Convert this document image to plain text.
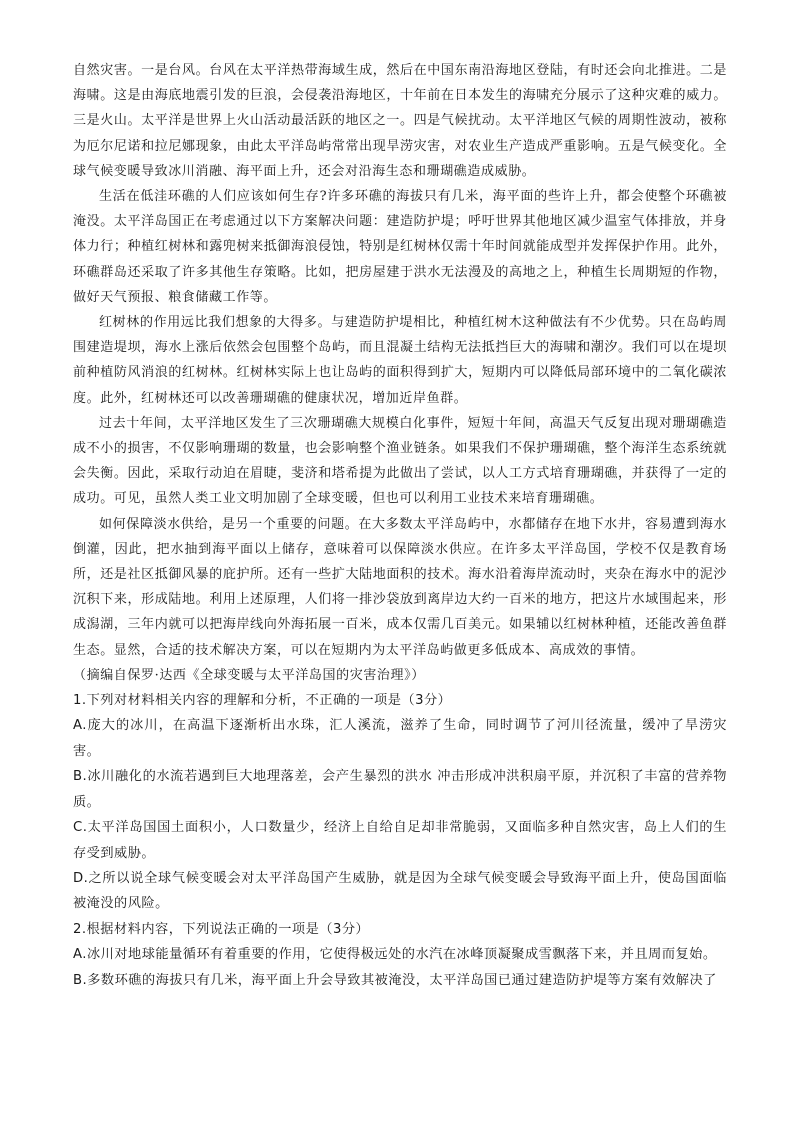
自然灾害。一是台风。台风在太平洋热带海域生成，然后在中国东南沿海地区登陆，有时还会向北推进。二是海啸。这是由海底地震引发的巨浪，会侵袭沿海地区，十年前在日本发生的海啸充分展示了这种灾难的威力。三是火山。太平洋是世界上火山活动最活跃的地区之一。四是气候扰动。太平洋地区气候的周期性波动，被称为厄尔尼诺和拉尼娜现象，由此太平洋岛屿常常出现旱涝灾害，对农业生产造成严重影响。五是气候变化。全球气候变暖导致冰川消融、海平面上升，还会对沿海生态和珊瑚礁造成威胁。

生活在低洼环礁的人们应该如何生存?许多环礁的海拔只有几米，海平面的些许上升，都会使整个环礁被淹没。太平洋岛国正在考虑通过以下方案解决问题：建造防护堤；呼吁世界其他地区减少温室气体排放，并身体力行；种植红树林和露兜树来抵御海浪侵蚀，特别是红树林仅需十年时间就能成型并发挥保护作用。此外，环礁群岛还采取了许多其他生存策略。比如，把房屋建于洪水无法漫及的高地之上，种植生长周期短的作物，做好天气预报、粮食储藏工作等。

红树林的作用远比我们想象的大得多。与建造防护堤相比，种植红树木这种做法有不少优势。只在岛屿周围建造堤坝，海水上涨后依然会包围整个岛屿，而且混凝土结构无法抵挡巨大的海啸和潮汐。我们可以在堤坝前种植防风消浪的红树林。红树林实际上也让岛屿的面积得到扩大，短期内可以降低局部环境中的二氧化碳浓度。此外，红树林还可以改善珊瑚礁的健康状况，增加近岸鱼群。

过去十年间，太平洋地区发生了三次珊瑚礁大规模白化事件，短短十年间，高温天气反复出现对珊瑚礁造成不小的损害，不仅影响珊瑚的数量，也会影响整个渔业链条。如果我们不保护珊瑚礁，整个海洋生态系统就会失衡。因此，采取行动迫在眉睫，斐济和塔希提为此做出了尝试，以人工方式培育珊瑚礁，并获得了一定的成功。可见，虽然人类工业文明加剧了全球变暖，但也可以利用工业技术来培育珊瑚礁。

如何保障淡水供给，是另一个重要的问题。在大多数太平洋岛屿中，水都储存在地下水井，容易遭到海水倒灌，因此，把水抽到海平面以上储存，意味着可以保障淡水供应。在许多太平洋岛国，学校不仅是教育场所，还是社区抵御风暴的庇护所。还有一些扩大陆地面积的技术。海水沿着海岸流动时，夹杂在海水中的泥沙沉积下来，形成陆地。利用上述原理，人们将一排沙袋放到离岸边大约一百米的地方，把这片水域围起来，形成潟湖，三年内就可以把海岸线向外海拓展一百米，成本仅需几百美元。如果辅以红树林种植，还能改善鱼群生态。显然，合适的技术解决方案，可以在短期内为太平洋岛屿做更多低成本、高成效的事情。

（摘编自保罗·达西《全球变暖与太平洋岛国的灾害治理》）

1.下列对材料相关内容的理解和分析，不正确的一项是（3分）

A.庞大的冰川，在高温下逐渐析出水珠，汇人溪流，滋养了生命，同时调节了河川径流量，缓冲了旱涝灾害。

B.冰川融化的水流若遇到巨大地理落差，会产生暴烈的洪水 冲击形成冲洪积扇平原，并沉积了丰富的营养物质。

C.太平洋岛国国土面积小，人口数量少，经济上自给自足却非常脆弱，又面临多种自然灾害，岛上人们的生存受到威胁。

D.之所以说全球气候变暖会对太平洋岛国产生威胁，就是因为全球气候变暖会导致海平面上升，使岛国面临被淹没的风险。

2.根据材料内容，下列说法正确的一项是（3分）

A.冰川对地球能量循环有着重要的作用，它使得极远处的水汽在冰峰顶凝聚成雪飘落下来，并且周而复始。

B.多数环礁的海拔只有几米，海平面上升会导致其被淹没，太平洋岛国已通过建造防护堤等方案有效解决了
